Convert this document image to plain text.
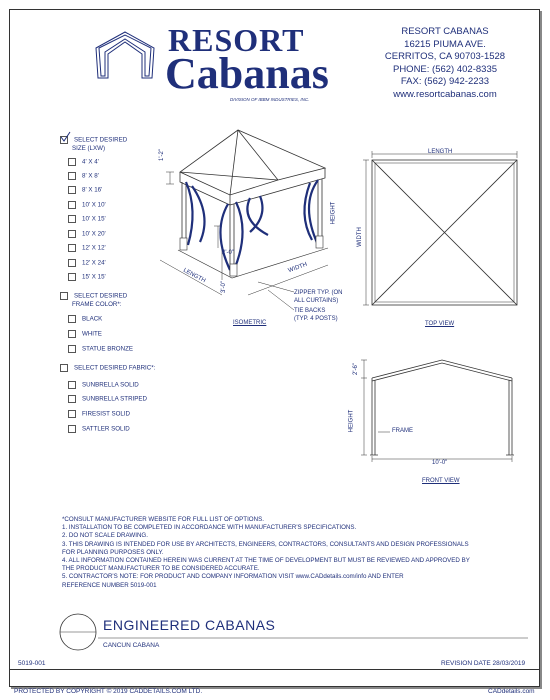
RESORT
Cabanas
DIVISION OF IBBM INDUSTRIES, INC.
RESORT CABANAS
16215 PIUMA AVE.
CERRITOS, CA 90703-1528
PHONE: (562) 402-8335
FAX: (562) 942-2233
www.resortcabanas.com
SELECT DESIRED
SIZE (LXW)
4' X 4'
8' X 8'
8' X 16'
10' X 10'
10' X 15'
10' X 20'
12' X 12'
12' X 24'
15' X 15'
SELECT DESIRED
FRAME COLOR*:
BLACK
WHITE
STATUE BRONZE
SELECT DESIRED FABRIC*:
SUNBRELLA SOLID
SUNBRELLA STRIPED
FIRESIST SOLID
SATTLER SOLID
1'-2"
2'-0"
3'-0"
LENGTH	WIDTH
HEIGHT
ZIPPER TYP. (ON
ALL CURTAINS)
TIE BACKS
(TYP. 4 POSTS)
ISOMETRIC
LENGTH
WIDTH
TOP VIEW
2'-6"
HEIGHT	FRAME
10'-0"
FRONT VIEW
*CONSULT MANUFACTURER WEBSITE FOR FULL LIST OF OPTIONS.
1. INSTALLATION TO BE COMPLETED IN ACCORDANCE WITH MANUFACTURER'S SPECIFICATIONS.
2. DO NOT SCALE DRAWING.
3. THIS DRAWING IS INTENDED FOR USE BY ARCHITECTS, ENGINEERS, CONTRACTORS, CONSULTANTS AND DESIGN PROFESSIONALS
FOR PLANNING PURPOSES ONLY.
4. ALL INFORMATION CONTAINED HEREIN WAS CURRENT AT THE TIME OF DEVELOPMENT BUT MUST BE REVIEWED AND APPROVED BY
THE PRODUCT MANUFACTURER TO BE CONSIDERED ACCURATE.
5. CONTRACTOR'S NOTE: FOR PRODUCT AND COMPANY INFORMATION VISIT www.CADdetails.com/info AND ENTER
REFERENCE NUMBER 5019-001
ENGINEERED CABANAS
CANCUN CABANA
5019-001	REVISION DATE 28/03/2019
PROTECTED BY COPYRIGHT © 2019 CADDETAILS.COM LTD.	CADdetails.com
